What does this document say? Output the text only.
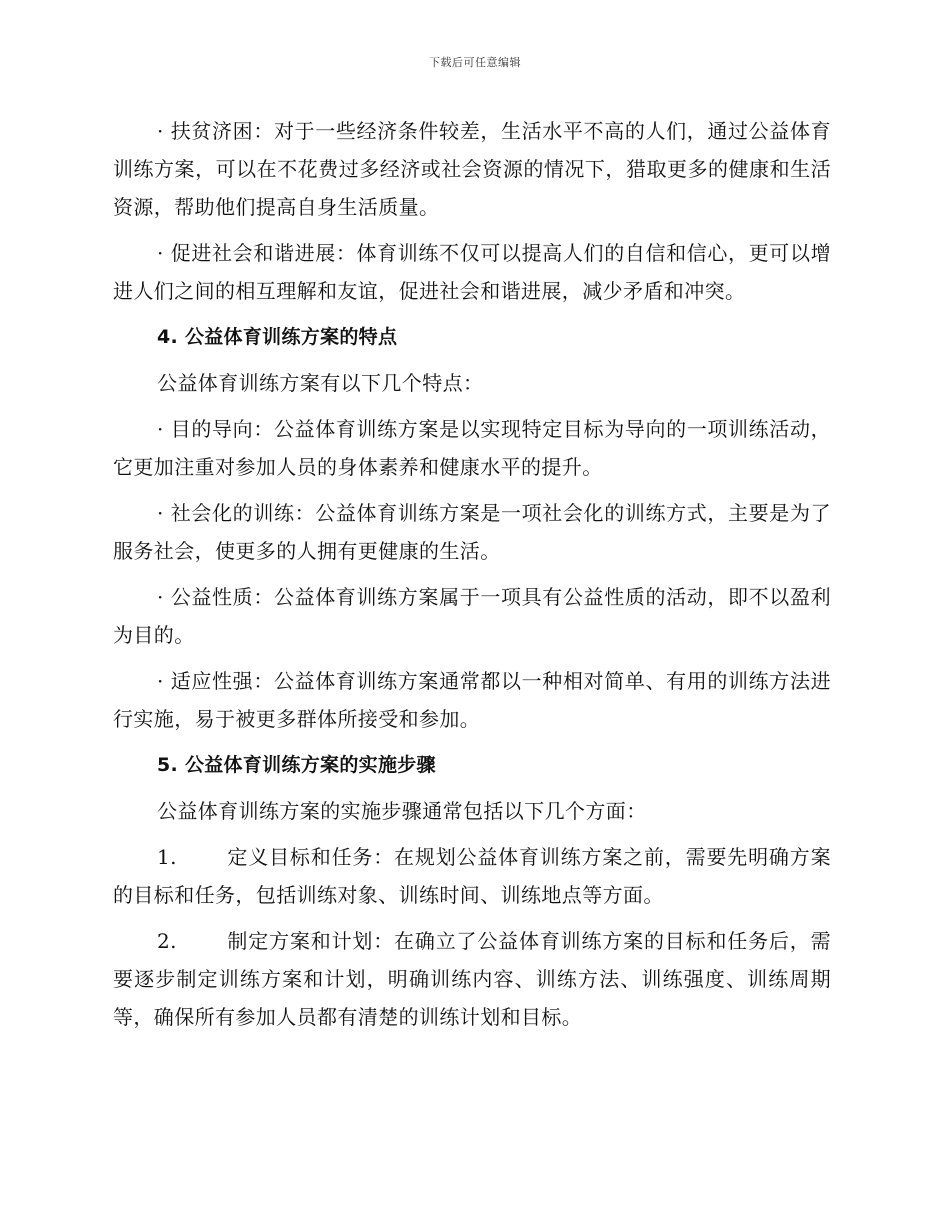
下载后可任意编辑

· 扶贫济困：对于一些经济条件较差，生活水平不高的人们，通过公益体育训练方案，可以在不花费过多经济或社会资源的情况下，猎取更多的健康和生活资源，帮助他们提高自身生活质量。

· 促进社会和谐进展：体育训练不仅可以提高人们的自信和信心，更可以增进人们之间的相互理解和友谊，促进社会和谐进展，减少矛盾和冲突。

4. 公益体育训练方案的特点

公益体育训练方案有以下几个特点：

· 目的导向：公益体育训练方案是以实现特定目标为导向的一项训练活动，它更加注重对参加人员的身体素养和健康水平的提升。

· 社会化的训练：公益体育训练方案是一项社会化的训练方式，主要是为了服务社会，使更多的人拥有更健康的生活。

· 公益性质：公益体育训练方案属于一项具有公益性质的活动，即不以盈利为目的。

· 适应性强：公益体育训练方案通常都以一种相对简单、有用的训练方法进行实施，易于被更多群体所接受和参加。

5. 公益体育训练方案的实施步骤

公益体育训练方案的实施步骤通常包括以下几个方面：

1.	定义目标和任务：在规划公益体育训练方案之前，需要先明确方案的目标和任务，包括训练对象、训练时间、训练地点等方面。

2.	制定方案和计划：在确立了公益体育训练方案的目标和任务后，需要逐步制定训练方案和计划，明确训练内容、训练方法、训练强度、训练周期等，确保所有参加人员都有清楚的训练计划和目标。
